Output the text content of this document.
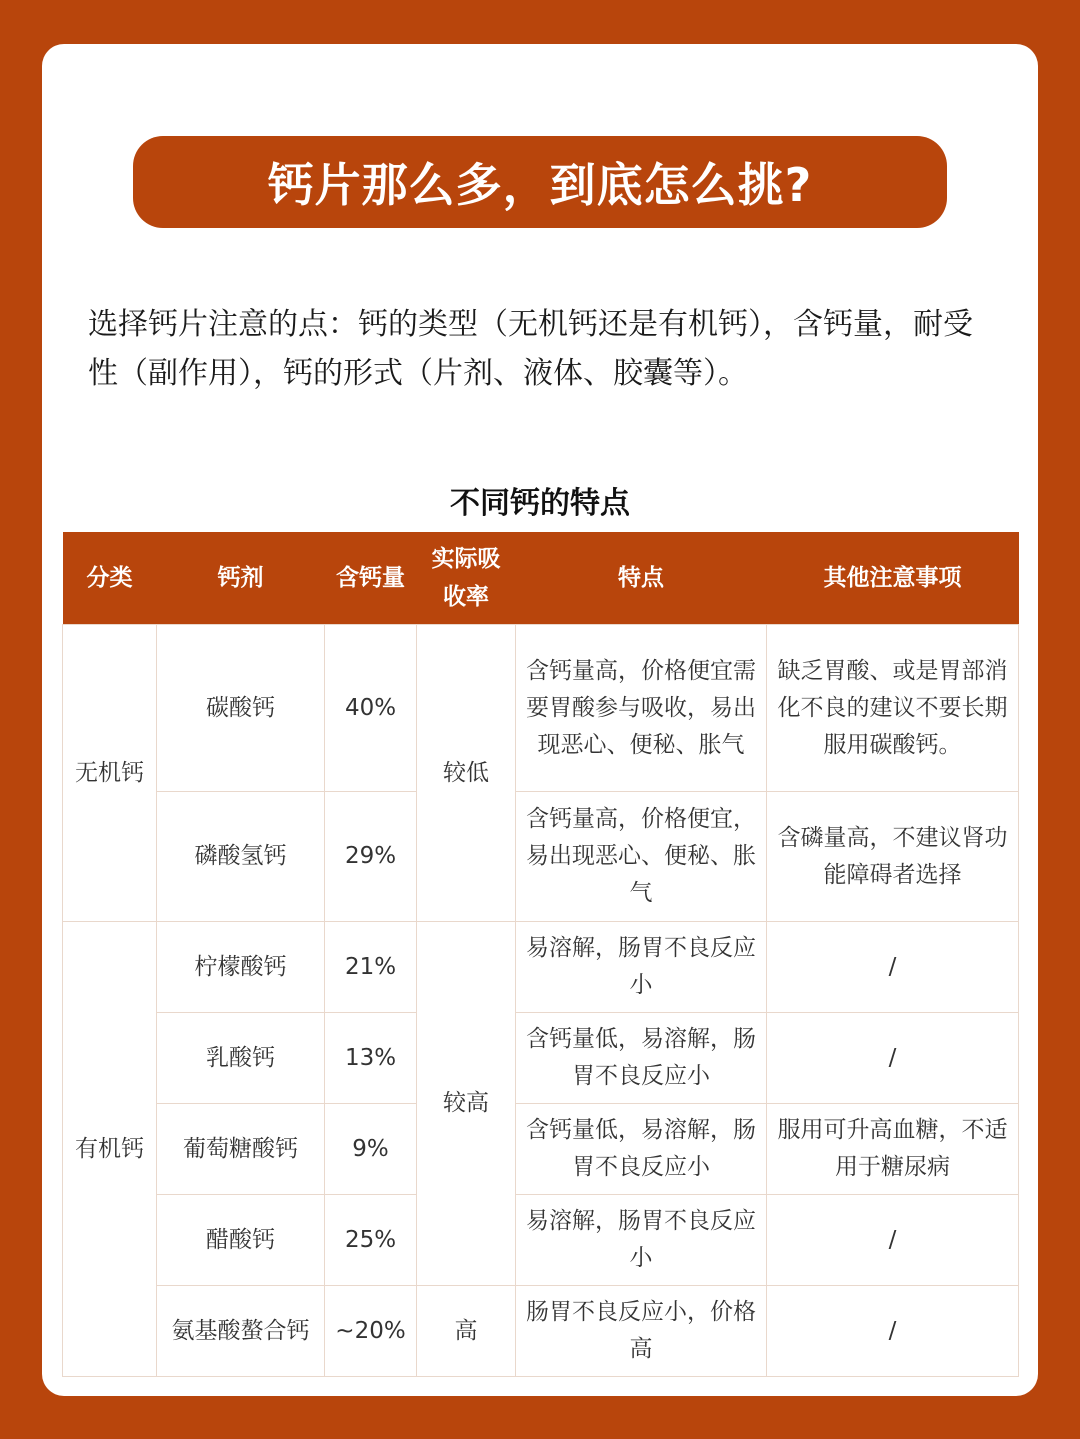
钙片那么多，到底怎么挑?
选择钙片注意的点：钙的类型（无机钙还是有机钙），含钙量，耐受性（副作用），钙的形式（片剂、液体、胶囊等）。
不同钙的特点
分类	钙剂	含钙量	实际吸收率	特点	其他注意事项
无机钙	碳酸钙	40%	较低	含钙量高，价格便宜需要胃酸参与吸收，易出现恶心、便秘、胀气	缺乏胃酸、或是胃部消化不良的建议不要长期服用碳酸钙。
	磷酸氢钙	29%		含钙量高，价格便宜，易出现恶心、便秘、胀气	含磷量高，不建议肾功能障碍者选择
有机钙	柠檬酸钙	21%	较高	易溶解，肠胃不良反应小	/
	乳酸钙	13%		含钙量低，易溶解，肠胃不良反应小	/
	葡萄糖酸钙	9%		含钙量低，易溶解，肠胃不良反应小	服用可升高血糖，不适用于糖尿病
	醋酸钙	25%		易溶解，肠胃不良反应小	/
	氨基酸螯合钙	~20%	高	肠胃不良反应小，价格高	/
